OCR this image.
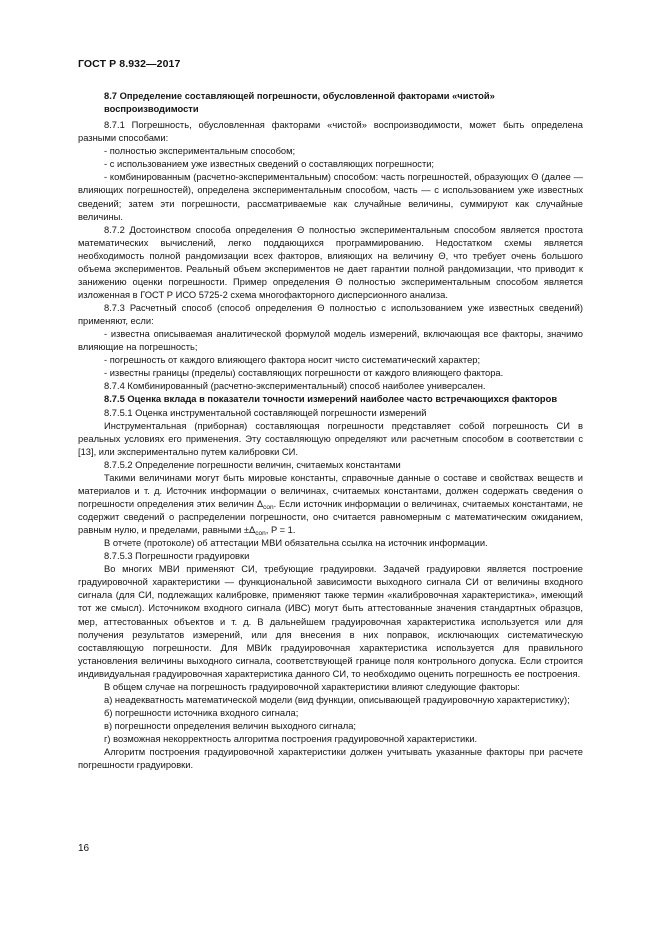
ГОСТ Р 8.932—2017

8.7 Определение составляющей погрешности, обусловленной факторами «чистой» воспроизводимости

8.7.1 Погрешность, обусловленная факторами «чистой» воспроизводимости, может быть определена разными способами:

- полностью экспериментальным способом;

- с использованием уже известных сведений о составляющих погрешности;

- комбинированным (расчетно-экспериментальным) способом: часть погрешностей, образующих Θ (далее — влияющих погрешностей), определена экспериментальным способом, часть — с использованием уже известных сведений; затем эти погрешности, рассматриваемые как случайные величины, суммируют как случайные величины.

8.7.2 Достоинством способа определения Θ полностью экспериментальным способом является простота математических вычислений, легко поддающихся программированию. Недостатком схемы является необходимость полной рандомизации всех факторов, влияющих на величину Θ, что требует очень большого объема экспериментов. Реальный объем экспериментов не дает гарантии полной рандомизации, что приводит к занижению оценки погрешности. Пример определения Θ полностью экспериментальным способом является изложенная в ГОСТ Р ИСО 5725-2 схема многофакторного дисперсионного анализа.

8.7.3 Расчетный способ (способ определения Θ полностью с использованием уже известных сведений) применяют, если:

- известна описываемая аналитической формулой модель измерений, включающая все факторы, значимо влияющие на погрешность;

- погрешность от каждого влияющего фактора носит чисто систематический характер;

- известны границы (пределы) составляющих погрешности от каждого влияющего фактора.

8.7.4 Комбинированный (расчетно-экспериментальный) способ наиболее универсален.

8.7.5 Оценка вклада в показатели точности измерений наиболее часто встречающихся факторов

8.7.5.1 Оценка инструментальной составляющей погрешности измерений

Инструментальная (приборная) составляющая погрешности представляет собой погрешность СИ в реальных условиях его применения. Эту составляющую определяют или расчетным способом в соответствии с [13], или экспериментально путем калибровки СИ.

8.7.5.2 Определение погрешности величин, считаемых константами

Такими величинами могут быть мировые константы, справочные данные о составе и свойствах веществ и материалов и т. д. Источник информации о величинах, считаемых константами, должен содержать сведения о погрешности определения этих величин $\Delta_{con}$. Если источник информации о величинах, считаемых константами, не содержит сведений о распределении погрешности, оно считается равномерным с математическим ожиданием, равным нулю, и пределами, равными $\pm\Delta_{con}$, P = 1.

В отчете (протоколе) об аттестации МВИ обязательна ссылка на источник информации.

8.7.5.3 Погрешности градуировки

Во многих МВИ применяют СИ, требующие градуировки. Задачей градуировки является построение градуировочной характеристики — функциональной зависимости выходного сигнала СИ от величины входного сигнала (для СИ, подлежащих калибровке, применяют также термин «калибровочная характеристика», имеющий тот же смысл). Источником входного сигнала (ИВС) могут быть аттестованные значения стандартных образцов, мер, аттестованных объектов и т. д. В дальнейшем градуировочная характеристика используется или для получения результатов измерений, или для внесения в них поправок, исключающих систематическую составляющую погрешности. Для МВИк градуировочная характеристика используется для правильного установления величины выходного сигнала, соответствующей границе поля контрольного допуска. Если строится индивидуальная градуировочная характеристика данного СИ, то необходимо оценить погрешность ее построения.

В общем случае на погрешность градуировочной характеристики влияют следующие факторы:

а) неадекватность математической модели (вид функции, описывающей градуировочную характеристику);

б) погрешности источника входного сигнала;

в) погрешности определения величин выходного сигнала;

г) возможная некорректность алгоритма построения градуировочной характеристики.

Алгоритм построения градуировочной характеристики должен учитывать указанные факторы при расчете погрешности градуировки.

16
